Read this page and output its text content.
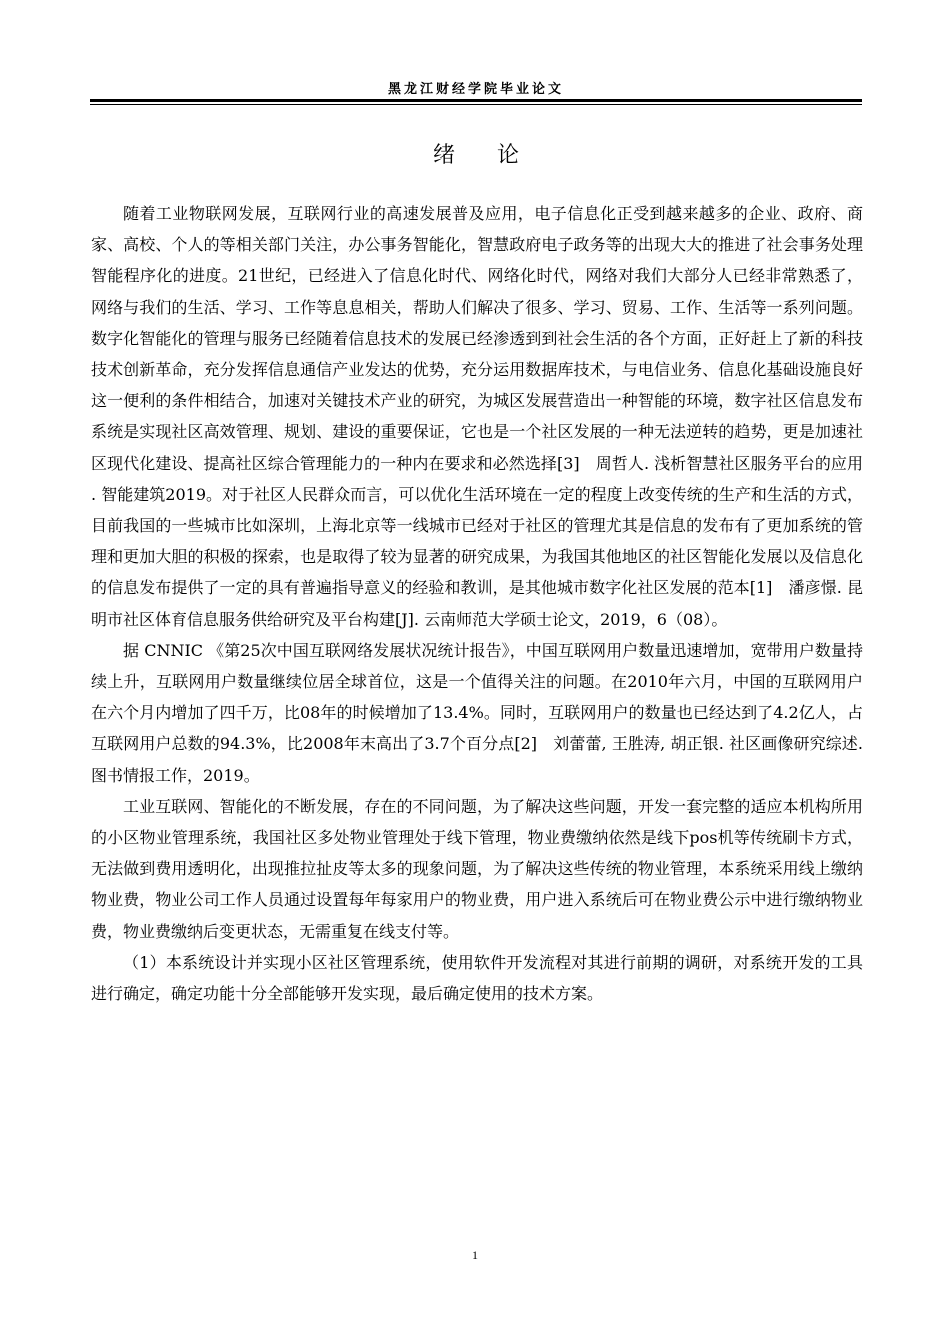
黑龙江财经学院毕业论文
绪论

随着工业物联网发展，互联网行业的高速发展普及应用，电子信息化正受到越来越多的企业、政府、商家、高校、个人的等相关部门关注，办公事务智能化，智慧政府电子政务等的出现大大的推进了社会事务处理智能程序化的进度。21世纪，已经进入了信息化时代、网络化时代，网络对我们大部分人已经非常熟悉了，网络与我们的生活、学习、工作等息息相关，帮助人们解决了很多、学习、贸易、工作、生活等一系列问题。数字化智能化的管理与服务已经随着信息技术的发展已经渗透到到社会生活的各个方面，正好赶上了新的科技技术创新革命，充分发挥信息通信产业发达的优势，充分运用数据库技术，与电信业务、信息化基础设施良好这一便利的条件相结合，加速对关键技术产业的研究，为城区发展营造出一种智能的环境，数字社区信息发布系统是实现社区高效管理、规划、建设的重要保证，它也是一个社区发展的一种无法逆转的趋势，更是加速社区现代化建设、提高社区综合管理能力的一种内在要求和必然选择[3]　周哲人. 浅析智慧社区服务平台的应用 . 智能建筑2019。对于社区人民群众而言，可以优化生活环境在一定的程度上改变传统的生产和生活的方式，目前我国的一些城市比如深圳，上海北京等一线城市已经对于社区的管理尤其是信息的发布有了更加系统的管理和更加大胆的积极的探索，也是取得了较为显著的研究成果，为我国其他地区的社区智能化发展以及信息化的信息发布提供了一定的具有普遍指导意义的经验和教训，是其他城市数字化社区发展的范本[1]　潘彦憬. 昆明市社区体育信息服务供给研究及平台构建[J]. 云南师范大学硕士论文，2019，6（08）。

据 CNNIC 《第25次中国互联网络发展状况统计报告》，中国互联网用户数量迅速增加，宽带用户数量持续上升，互联网用户数量继续位居全球首位，这是一个值得关注的问题。在2010年六月，中国的互联网用户在六个月内增加了四千万，比08年的时候增加了13.4%。同时，互联网用户的数量也已经达到了4.2亿人，占互联网用户总数的94.3%，比2008年末高出了3.7个百分点[2]　刘蕾蕾, 王胜涛, 胡正银. 社区画像研究综述. 图书情报工作，2019。

工业互联网、智能化的不断发展，存在的不同问题，为了解决这些问题，开发一套完整的适应本机构所用的小区物业管理系统，我国社区多处物业管理处于线下管理，物业费缴纳依然是线下pos机等传统刷卡方式，无法做到费用透明化，出现推拉扯皮等太多的现象问题，为了解决这些传统的物业管理，本系统采用线上缴纳物业费，物业公司工作人员通过设置每年每家用户的物业费，用户进入系统后可在物业费公示中进行缴纳物业费，物业费缴纳后变更状态，无需重复在线支付等。

（1）本系统设计并实现小区社区管理系统，使用软件开发流程对其进行前期的调研，对系统开发的工具进行确定，确定功能十分全部能够开发实现，最后确定使用的技术方案。

1
